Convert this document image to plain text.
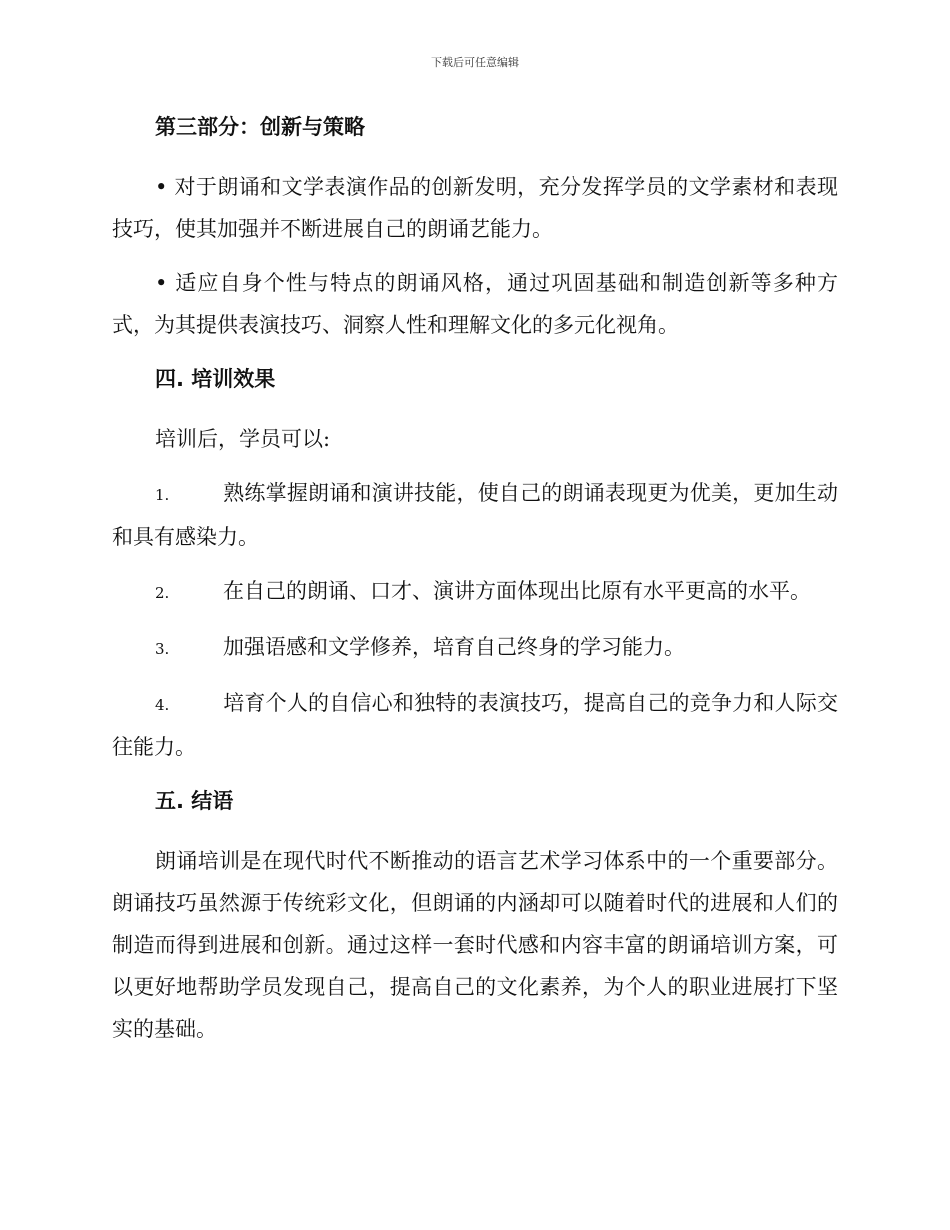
下载后可任意编辑
第三部分：创新与策略

• 对于朗诵和文学表演作品的创新发明，充分发挥学员的文学素材和表现技巧，使其加强并不断进展自己的朗诵艺能力。

• 适应自身个性与特点的朗诵风格，通过巩固基础和制造创新等多种方式，为其提供表演技巧、洞察人性和理解文化的多元化视角。

四. 培训效果

培训后，学员可以:

1.	熟练掌握朗诵和演讲技能，使自己的朗诵表现更为优美，更加生动和具有感染力。

2.	在自己的朗诵、口才、演讲方面体现出比原有水平更高的水平。

3.	加强语感和文学修养，培育自己终身的学习能力。

4.	培育个人的自信心和独特的表演技巧，提高自己的竞争力和人际交往能力。

五. 结语

朗诵培训是在现代时代不断推动的语言艺术学习体系中的一个重要部分。朗诵技巧虽然源于传统彩文化，但朗诵的内涵却可以随着时代的进展和人们的制造而得到进展和创新。通过这样一套时代感和内容丰富的朗诵培训方案，可以更好地帮助学员发现自己，提高自己的文化素养，为个人的职业进展打下坚实的基础。
